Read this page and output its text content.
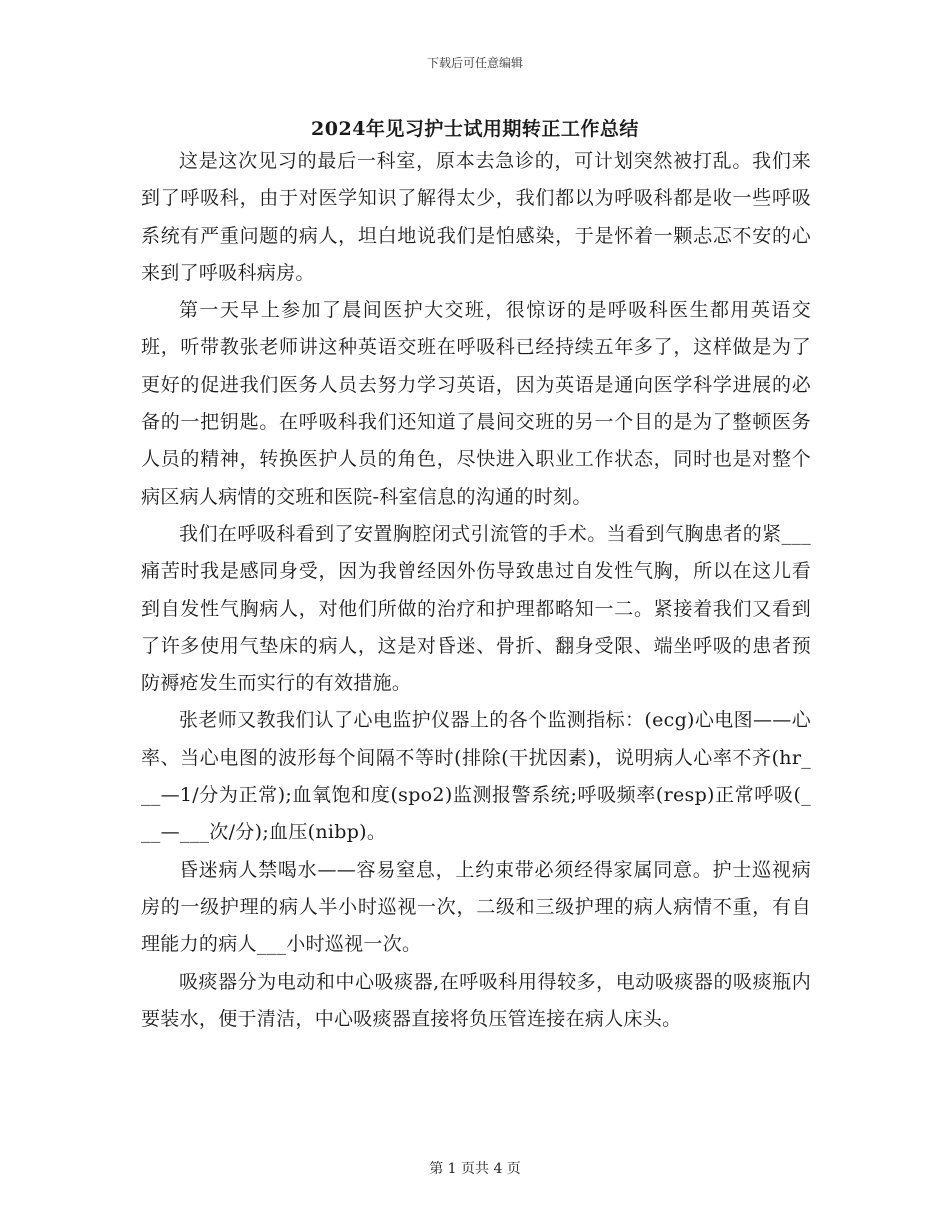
下载后可任意编辑
2024年见习护士试用期转正工作总结

这是这次见习的最后一科室，原本去急诊的，可计划突然被打乱。我们来到了呼吸科，由于对医学知识了解得太少，我们都以为呼吸科都是收一些呼吸系统有严重问题的病人，坦白地说我们是怕感染，于是怀着一颗忐忑不安的心来到了呼吸科病房。

第一天早上参加了晨间医护大交班，很惊讶的是呼吸科医生都用英语交班，听带教张老师讲这种英语交班在呼吸科已经持续五年多了，这样做是为了更好的促进我们医务人员去努力学习英语，因为英语是通向医学科学进展的必备的一把钥匙。在呼吸科我们还知道了晨间交班的另一个目的是为了整顿医务人员的精神，转换医护人员的角色，尽快进入职业工作状态，同时也是对整个病区病人病情的交班和医院-科室信息的沟通的时刻。

我们在呼吸科看到了安置胸腔闭式引流管的手术。当看到气胸患者的紧___痛苦时我是感同身受，因为我曾经因外伤导致患过自发性气胸，所以在这儿看到自发性气胸病人，对他们所做的治疗和护理都略知一二。紧接着我们又看到了许多使用气垫床的病人，这是对昏迷、骨折、翻身受限、端坐呼吸的患者预防褥疮发生而实行的有效措施。

张老师又教我们认了心电监护仪器上的各个监测指标：(ecg)心电图——心率、当心电图的波形每个间隔不等时(排除(干扰因素)，说明病人心率不齐(hr___—1/分为正常);血氧饱和度(spo2)监测报警系统;呼吸频率(resp)正常呼吸(___—___次/分);血压(nibp)。

昏迷病人禁喝水——容易窒息，上约束带必须经得家属同意。护士巡视病房的一级护理的病人半小时巡视一次，二级和三级护理的病人病情不重，有自理能力的病人___小时巡视一次。

吸痰器分为电动和中心吸痰器,在呼吸科用得较多，电动吸痰器的吸痰瓶内要装水，便于清洁，中心吸痰器直接将负压管连接在病人床头。

第 1 页共 4 页
